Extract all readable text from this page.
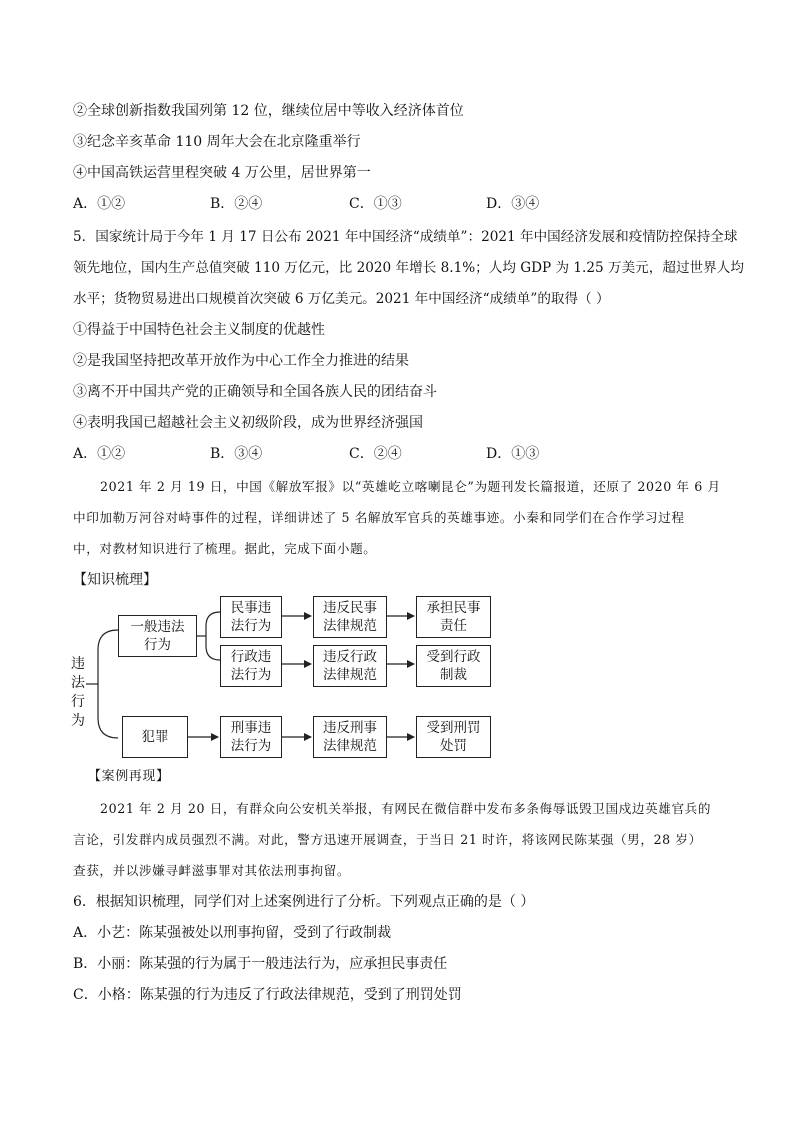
②全球创新指数我国列第 12 位，继续位居中等收入经济体首位
③纪念辛亥革命 110 周年大会在北京隆重举行
④中国高铁运营里程突破 4 万公里，居世界第一
A．①②	B．②④	C．①③	D．③④
5．国家统计局于今年 1 月 17 日公布 2021 年中国经济“成绩单”：2021 年中国经济发展和疫情防控保持全球
领先地位，国内生产总值突破 110 万亿元，比 2020 年增长 8.1%；人均 GDP 为 1.25 万美元，超过世界人均
水平；货物贸易进出口规模首次突破 6 万亿美元。2021 年中国经济“成绩单”的取得（ ）
①得益于中国特色社会主义制度的优越性
②是我国坚持把改革开放作为中心工作全力推进的结果
③离不开中国共产党的正确领导和全国各族人民的团结奋斗
④表明我国已超越社会主义初级阶段，成为世界经济强国
A．①②	B．③④	C．②④	D．①③
2021 年 2 月 19 日，中国《解放军报》以“英雄屹立喀喇昆仑”为题刊发长篇报道，还原了 2020 年 6 月
中印加勒万河谷对峙事件的过程，详细讲述了 5 名解放军官兵的英雄事迹。小秦和同学们在合作学习过程
中，对教材知识进行了梳理。据此，完成下面小题。
【知识梳理】
违
法
行
为
一般违法
行为
犯罪
民事违
法行为
违反民事
法律规范
承担民事
责任
行政违
法行为
违反行政
法律规范
受到行政
制裁
刑事违
法行为
违反刑事
法律规范
受到刑罚
处罚
【案例再现】
2021 年 2 月 20 日，有群众向公安机关举报，有网民在微信群中发布多条侮辱诋毁卫国戍边英雄官兵的
言论，引发群内成员强烈不满。对此，警方迅速开展调查，于当日 21 时许，将该网民陈某强（男，28 岁）
查获，并以涉嫌寻衅滋事罪对其依法刑事拘留。
6．根据知识梳理，同学们对上述案例进行了分析。下列观点正确的是（ ）
A．小艺：陈某强被处以刑事拘留，受到了行政制裁
B．小丽：陈某强的行为属于一般违法行为，应承担民事责任
C．小格：陈某强的行为违反了行政法律规范，受到了刑罚处罚
